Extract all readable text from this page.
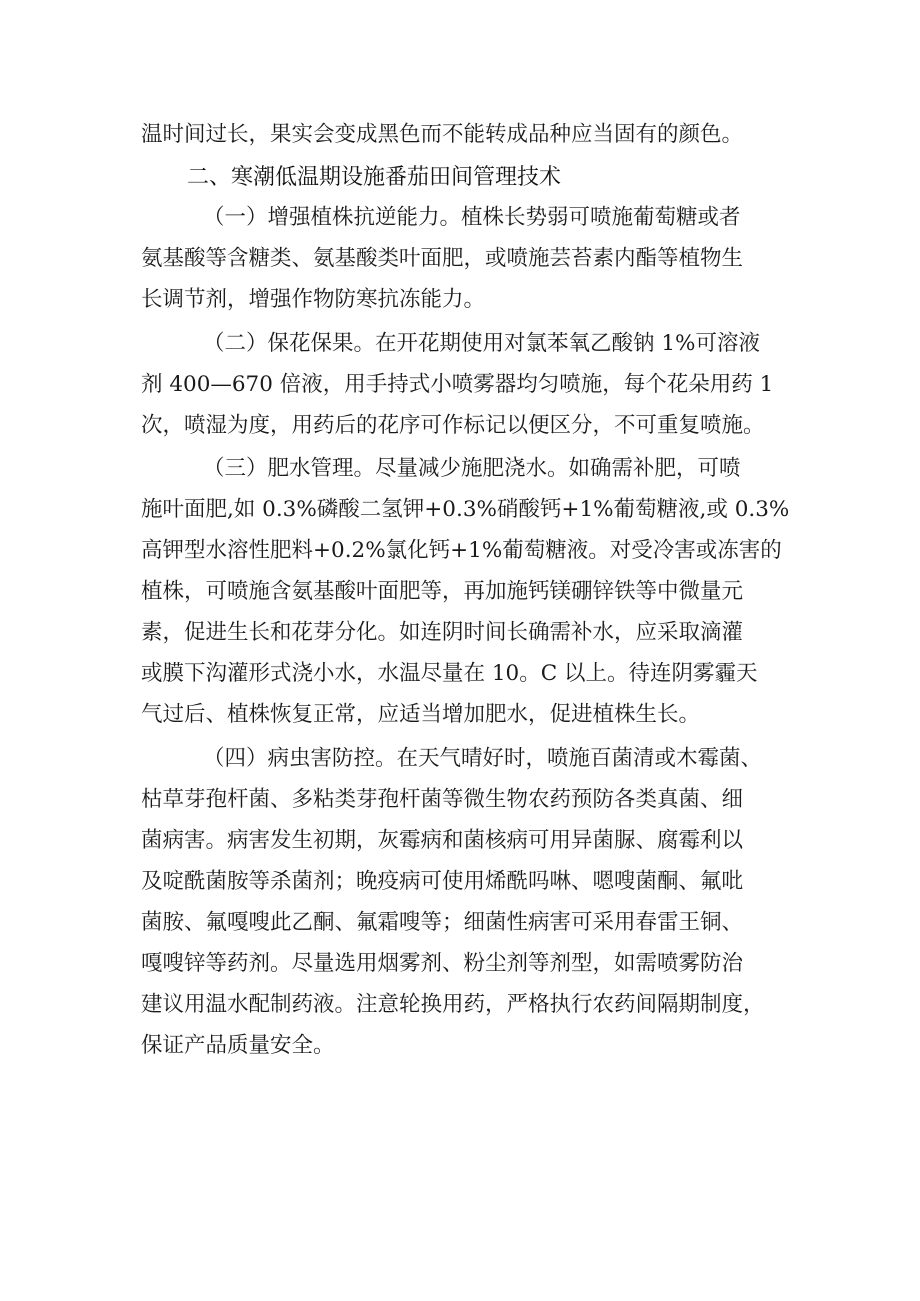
温时间过长，果实会变成黑色而不能转成品种应当固有的颜色。
二、寒潮低温期设施番茄田间管理技术
（一）增强植株抗逆能力。植株长势弱可喷施葡萄糖或者
氨基酸等含糖类、氨基酸类叶面肥，或喷施芸苔素内酯等植物生
长调节剂，增强作物防寒抗冻能力。
（二）保花保果。在开花期使用对氯苯氧乙酸钠 1%可溶液
剂 400—670 倍液，用手持式小喷雾器均匀喷施，每个花朵用药 1
次，喷湿为度，用药后的花序可作标记以便区分，不可重复喷施。
（三）肥水管理。尽量减少施肥浇水。如确需补肥，可喷
施叶面肥,如 0.3%磷酸二氢钾+0.3%硝酸钙+1%葡萄糖液,或 0.3%
高钾型水溶性肥料+0.2%氯化钙+1%葡萄糖液。对受冷害或冻害的
植株，可喷施含氨基酸叶面肥等，再加施钙镁硼锌铁等中微量元
素，促进生长和花芽分化。如连阴时间长确需补水，应采取滴灌
或膜下沟灌形式浇小水，水温尽量在 10。C 以上。待连阴雾霾天
气过后、植株恢复正常，应适当增加肥水，促进植株生长。
（四）病虫害防控。在天气晴好时，喷施百菌清或木霉菌、
枯草芽孢杆菌、多粘类芽孢杆菌等微生物农药预防各类真菌、细
菌病害。病害发生初期，灰霉病和菌核病可用异菌脲、腐霉利以
及啶酰菌胺等杀菌剂；晚疫病可使用烯酰吗啉、嗯嗖菌酮、氟吡
菌胺、氟嘎嗖此乙酮、氟霜嗖等；细菌性病害可采用春雷王铜、
嘎嗖锌等药剂。尽量选用烟雾剂、粉尘剂等剂型，如需喷雾防治
建议用温水配制药液。注意轮换用药，严格执行农药间隔期制度，
保证产品质量安全。
